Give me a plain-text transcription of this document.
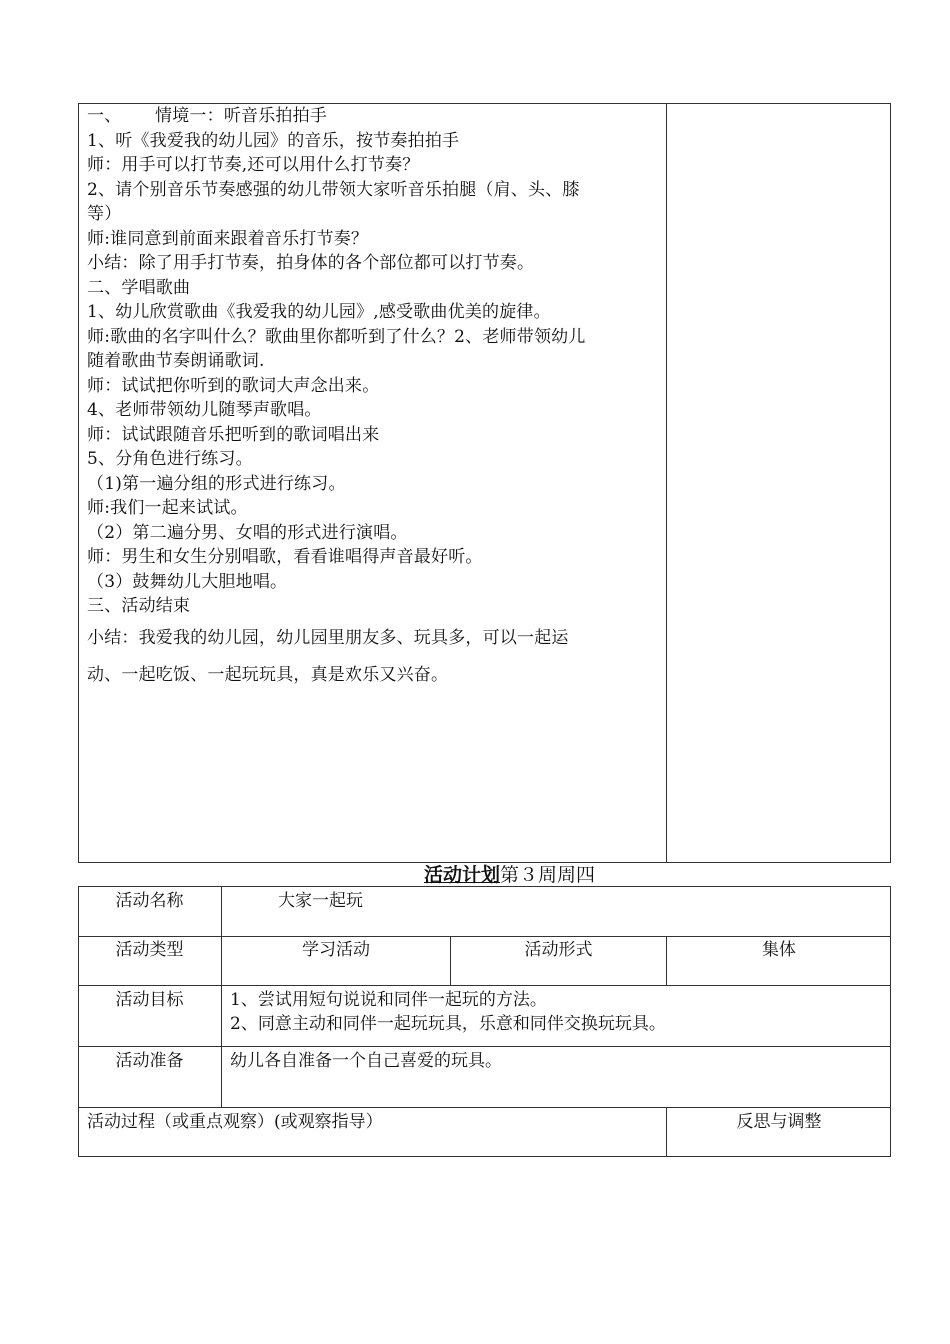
一、      情境一：听音乐拍拍手
1、听《我爱我的幼儿园》的音乐，按节奏拍拍手
师：用手可以打节奏,还可以用什么打节奏？
2、请个别音乐节奏感强的幼儿带领大家听音乐拍腿（肩、头、膝
等）
师:谁同意到前面来跟着音乐打节奏？
小结：除了用手打节奏，拍身体的各个部位都可以打节奏。
二、学唱歌曲
1、幼儿欣赏歌曲《我爱我的幼儿园》,感受歌曲优美的旋律。
师:歌曲的名字叫什么？歌曲里你都听到了什么？2、老师带领幼儿
随着歌曲节奏朗诵歌词.
师：试试把你听到的歌词大声念出来。
4、老师带领幼儿随琴声歌唱。
师：试试跟随音乐把听到的歌词唱出来
5、分角色进行练习。
（1)第一遍分组的形式进行练习。
师:我们一起来试试。
（2）第二遍分男、女唱的形式进行演唱。
师：男生和女生分别唱歌，看看谁唱得声音最好听。
（3）鼓舞幼儿大胆地唱。
三、活动结束
小结：我爱我的幼儿园，幼儿园里朋友多、玩具多，可以一起运
动、一起吃饭、一起玩玩具，真是欢乐又兴奋。
活动计划第３周周四
活动名称	大家一起玩
活动类型	学习活动	活动形式	集体
活动目标	1、尝试用短句说说和同伴一起玩的方法。
2、同意主动和同伴一起玩玩具，乐意和同伴交换玩玩具。
活动准备	幼儿各自准备一个自己喜爱的玩具。
活动过程（或重点观察）(或观察指导）	反思与调整
